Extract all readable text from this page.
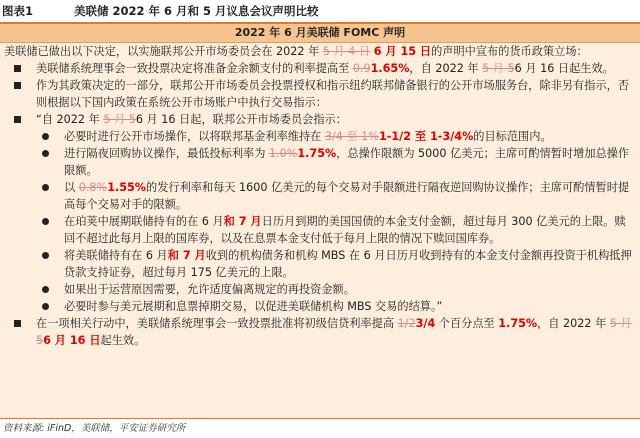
图表1	美联储 2022 年 6 月和 5 月议息会议声明比较
2022 年 6 月美联储 FOMC 声明
美联储已做出以下决定，以实施联邦公开市场委员会在 2022 年 5 月 4 日 6 月 15 日的声明中宣布的货币政策立场：
美联储系统理事会一致投票决定将准备金余额支付的利率提高至 0.91.65%，自 2022 年 5 月 56 月 16 日起生效。
作为其政策决定的一部分，联邦公开市场委员会投票授权和指示纽约联邦储备银行的公开市场服务台，除非另有指示，否则根据以下国内政策在系统公开市场账户中执行交易指示：
“自 2022 年 5 月 56 月 16 日起，联邦公开市场委员会指示：
必要时进行公开市场操作，以将联邦基金利率维持在 3/4 至 1%1-1/2 至 1-3/4%的目标范围内。
进行隔夜回购协议操作，最低投标利率为 1.0%1.75%，总操作限额为 5000 亿美元；主席可酌情暂时增加总操作限额。
以 0.8%1.55%的发行利率和每天 1600 亿美元的每个交易对手限额进行隔夜逆回购协议操作；主席可酌情暂时提高每个交易对手的限额。
在珀荚中展期联储持有的在 6 月和 7 月日历月到期的美国国债的本金支付金额，超过每月 300 亿美元的上限。赎回不超过此每月上限的国库券，以及在息票本金支付低于每月上限的情况下赎回国库券。
将美联储持有在 6 月和 7 月收到的机构债务和机构 MBS 在 6 月日历月收到持有的本金支付金额再投资于机构抵押贷款支持证券，超过每月 175 亿美元的上限。
如果出于运营原因需要，允许适度偏离规定的再投资金额。
必要时参与美元展期和息票掉期交易，以促进美联储机构 MBS 交易的结算。”
在一项相关行动中，美联储系统理事会一致投票批准将初级信贷利率提高 1/23/4 个百分点至 1.75%，自 2022 年 5 月 56 月 16 日起生效。
资料来源: iFinD，美联储，平安证券研究所
